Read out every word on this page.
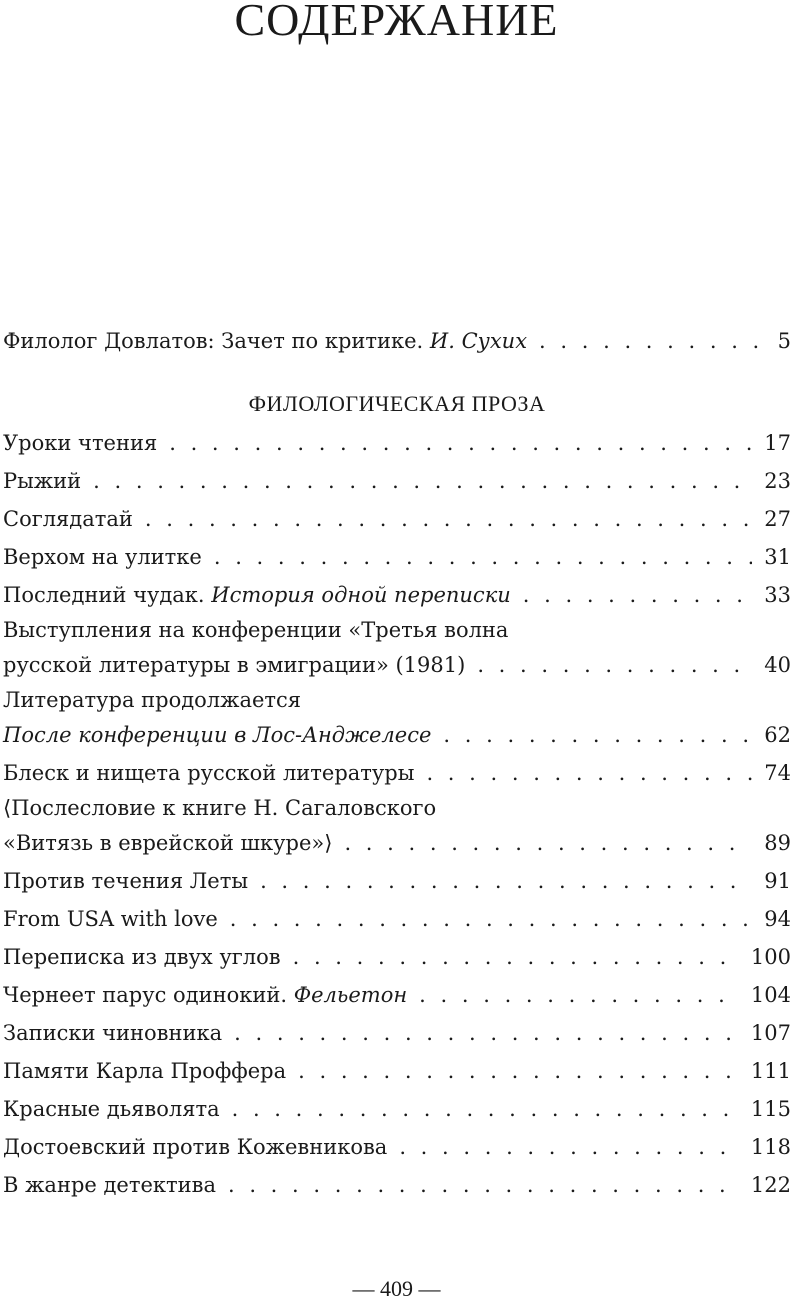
СОДЕРЖАНИЕ
Филолог Довлатов: Зачет по критике. И. Сухих . . .	5
ФИЛОЛОГИЧЕСКАЯ ПРОЗА
Уроки чтения . . .	17
Рыжий . . .	23
Соглядатай . . .	27
Верхом на улитке . . .	31
Последний чудак. История одной переписки . . .	33
Выступления на конференции «Третья волна
русской литературы в эмиграции» (1981) . . .	40
Литература продолжается
После конференции в Лос-Анджелесе . . .	62
Блеск и нищета русской литературы . . .	74
⟨Послесловие к книге Н. Сагаловского
«Витязь в еврейской шкуре»⟩ . . .	89
Против течения Леты . . .	91
From USA with love . . .	94
Переписка из двух углов . . .	100
Чернеет парус одинокий. Фельетон . . .	104
Записки чиновника . . .	107
Памяти Карла Проффера . . .	111
Красные дьяволята . . .	115
Достоевский против Кожевникова . . .	118
В жанре детектива . . .	122
— 409 —
